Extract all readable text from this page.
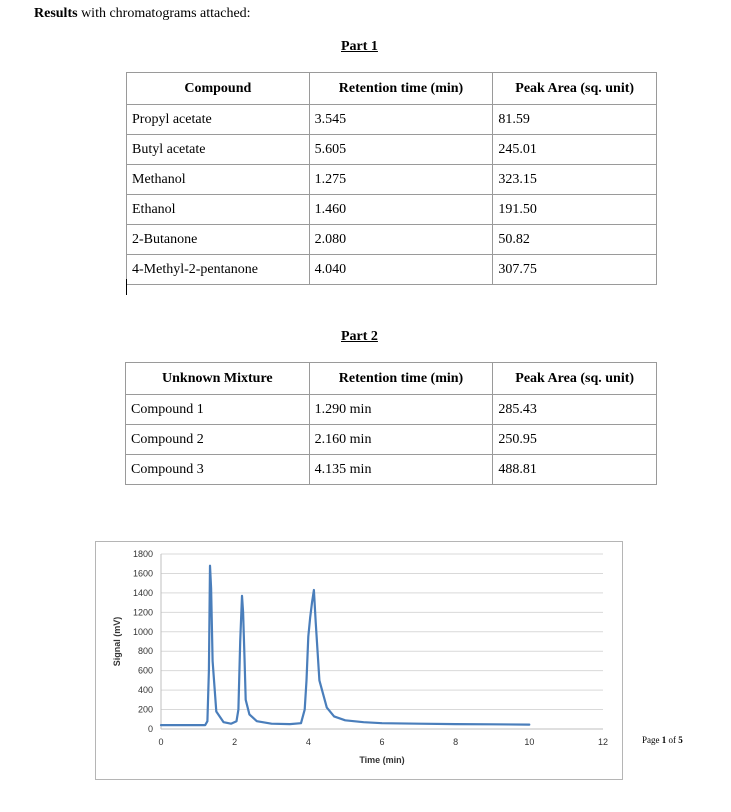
Results with chromatograms attached:
Part 1
Compound	Retention time (min)	Peak Area (sq. unit)
Propyl acetate	3.545	81.59
Butyl acetate	5.605	245.01
Methanol	1.275	323.15
Ethanol	1.460	191.50
2-Butanone	2.080	50.82
4-Methyl-2-pentanone	4.040	307.75
Part 2
Unknown Mixture	Retention time (min)	Peak Area (sq. unit)
Compound 1	1.290 min	285.43
Compound 2	2.160 min	250.95
Compound 3	4.135 min	488.81
0
200
400
600
800
1000
1200
1400
1600
1800
0	2	4	6	8	10	12
Time (min)
Signal (mV)
Page 1 of 5
